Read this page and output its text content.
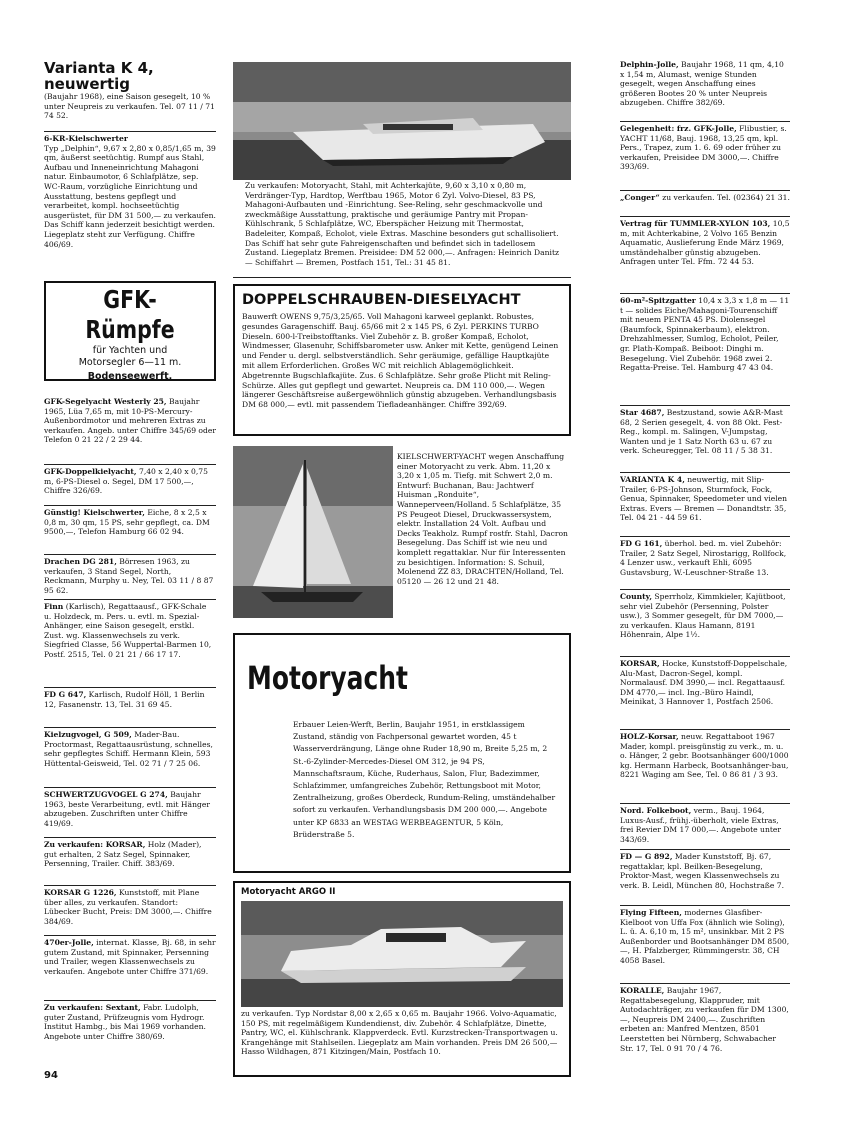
Varianta K 4, neuwertig
(Baujahr 1968), eine Saison gesegelt, 10 % unter Neupreis zu verkaufen. Tel. 07 11 / 71 74 52.
6-KR-Kielschwerter
Typ „Delphin“, 9,67 x 2,80 x 0,85/1,65 m, 39 qm, äußerst seetüchtig. Rumpf aus Stahl, Aufbau und Inneneinrichtung Mahagoni natur. Einbaumotor, 6 Schlafplätze, sep. WC-Raum, vorzügliche Einrichtung und Ausstattung, bestens gepflegt und verarbeitet, kompl. hochseetüchtig ausgerüstet, für DM 31 500,— zu verkaufen. Das Schiff kann jederzeit besichtigt werden. Liegeplatz steht zur Verfügung. Chiffre 406/69.
GFK-Rümpfe
für Yachten und
Motorsegler 6—11 m.
Bodenseewerft,
GFK-Segelyacht Westerly 25, Baujahr 1965, Lüa 7,65 m, mit 10-PS-Mercury-Außenbordmotor und mehreren Extras zu verkaufen. Angeb. unter Chiffre 345/69 oder Telefon 0 21 22 / 2 29 44.
GFK-Doppelkielyacht, 7,40 x 2,40 x 0,75 m, 6-PS-Diesel o. Segel, DM 17 500,—, Chiffre 326/69.
Günstig! Kielschwerter, Eiche, 8 x 2,5 x 0,8 m, 30 qm, 15 PS, sehr gepflegt, ca. DM 9500,—, Telefon Hamburg 66 02 94.
Drachen DG 281, Börresen 1963, zu verkaufen, 3 Stand Segel, North, Reckmann, Murphy u. Ney, Tel. 03 11 / 8 87 95 62.
Finn (Karlisch), Regattaausf., GFK-Schale u. Holzdeck, m. Pers. u. evtl. m. Spezial-Anhänger, eine Saison gesegelt, erstkl. Zust. wg. Klassenwechsels zu verk. Siegfried Classe, 56 Wuppertal-Barmen 10, Postf. 2515, Tel. 0 21 21 / 66 17 17.
FD G 647, Karlisch, Rudolf Höll, 1 Berlin 12, Fasanenstr. 13, Tel. 31 69 45.
Kielzugvogel, G 509, Mader-Bau. Proctormast, Regattaausrüstung, schnelles, sehr gepflegtes Schiff. Hermann Klein, 593 Hüttental-Geisweid, Tel. 02 71 / 7 25 06.
SCHWERTZUGVOGEL G 274, Baujahr 1963, beste Verarbeitung, evtl. mit Hänger abzugeben. Zuschriften unter Chiffre 419/69.
Zu verkaufen: KORSAR, Holz (Mader), gut erhalten, 2 Satz Segel, Spinnaker, Persenning, Trailer. Chiff. 383/69.
KORSAR G 1226, Kunststoff, mit Plane über alles, zu verkaufen. Standort: Lübecker Bucht, Preis: DM 3000,—. Chiffre 384/69.
470er-Jolle, internat. Klasse, Bj. 68, in sehr gutem Zustand, mit Spinnaker, Persenning und Trailer, wegen Klassenwechsels zu verkaufen. Angebote unter Chiffre 371/69.
Zu verkaufen: Sextant, Fabr. Ludolph, guter Zustand, Prüfzeugnis vom Hydrogr. Institut Hambg., bis Mai 1969 vorhanden. Angebote unter Chiffre 380/69.
Zu verkaufen: Motoryacht, Stahl, mit Achterkajüte, 9,60 x 3,10 x 0,80 m, Verdränger-Typ, Hardtop, Werftbau 1965, Motor 6 Zyl. Volvo-Diesel, 83 PS, Mahagoni-Aufbauten und -Einrichtung. See-Reling, sehr geschmackvolle und zweckmäßige Ausstattung, praktische und geräumige Pantry mit Propan-Kühlschrank, 5 Schlafplätze, WC, Eberspächer Heizung mit Thermostat, Badeleiter, Kompaß, Echolot, viele Extras. Maschine besonders gut schallisoliert. Das Schiff hat sehr gute Fahreigenschaften und befindet sich in tadellosem Zustand. Liegeplatz Bremen. Preisidee: DM 52 000,—. Anfragen: Heinrich Danitz — Schiffahrt — Bremen, Postfach 151, Tel.: 31 45 81.
DOPPELSCHRAUBEN-DIESELYACHT
Bauwerft OWENS 9,75/3,25/65. Voll Mahagoni karweel geplankt. Robustes, gesundes Garagenschiff. Bauj. 65/66 mit 2 x 145 PS, 6 Zyl. PERKINS TURBO Dieseln. 600-l-Treibstofftanks. Viel Zubehör z. B. großer Kompaß, Echolot, Windmesser, Glasenuhr, Schiffsbarometer usw. Anker mit Kette, genügend Leinen und Fender u. dergl. selbstverständlich. Sehr geräumige, gefällige Hauptkajüte mit allem Erforderlichen. Großes WC mit reichlich Ablagemöglichkeit. Abgetrennte Bugschlafkajüte. Zus. 6 Schlafplätze. Sehr große Plicht mit Reling-Schürze. Alles gut gepflegt und gewartet. Neupreis ca. DM 110 000,—. Wegen längerer Geschäftsreise außergewöhnlich günstig abzugeben. Verhandlungsbasis DM 68 000,— evtl. mit passendem Tiefladeanhänger. Chiffre 392/69.
KIELSCHWERT-YACHT wegen Anschaffung einer Motoryacht zu verk. Abm. 11,20 x 3,20 x 1,05 m. Tiefg. mit Schwert 2,0 m. Entwurf: Buchanan, Bau: Jachtwerf Huisman „Ronduite“, Wanneperveen/Holland. 5 Schlafplätze, 35 PS Peugeot Diesel, Druckwassersystem, elektr. Installation 24 Volt. Aufbau und Decks Teakholz. Rumpf rostfr. Stahl, Dacron Besegelung. Das Schiff ist wie neu und komplett regattaklar. Nur für Interessenten zu besichtigen. Information: S. Schuil, Molenend ZZ 83, DRACHTEN/Holland, Tel. 05120 — 26 12 und 21 48.
Motoryacht
Erbauer Leien-Werft, Berlin, Baujahr 1951, in erstklassigem Zustand, ständig von Fachpersonal gewartet worden, 45 t Wasserverdrängung, Länge ohne Ruder 18,90 m, Breite 5,25 m, 2 St.-6-Zylinder-Mercedes-Diesel OM 312, je 94 PS, Mannschaftsraum, Küche, Ruderhaus, Salon, Flur, Badezimmer, Schlafzimmer, umfangreiches Zubehör, Rettungsboot mit Motor, Zentralheizung, großes Oberdeck, Rundum-Reling, umständehalber sofort zu verkaufen. Verhandlungsbasis DM 200 000,—. Angebote unter KP 6833 an WESTAG WERBEAGENTUR, 5 Köln, Brüderstraße 5.
Motoryacht ARGO II
zu verkaufen. Typ Nordstar 8,00 x 2,65 x 0,65 m. Baujahr 1966. Volvo-Aquamatic, 150 PS, mit regelmäßigem Kundendienst, div. Zubehör. 4 Schlafplätze, Dinette, Pantry, WC, el. Kühlschrank. Klappverdeck. Evtl. Kurzstrecken-Transportwagen u. Krangehänge mit Stahlseilen. Liegeplatz am Main vorhanden. Preis DM 26 500,— Hasso Wildhagen, 871 Kitzingen/Main, Postfach 10.
Delphin-Jolle, Baujahr 1968, 11 qm, 4,10 x 1,54 m, Alumast, wenige Stunden gesegelt, wegen Anschaffung eines größeren Bootes 20 % unter Neupreis abzugeben. Chiffre 382/69.
Gelegenheit: frz. GFK-Jolle, Flibustier, s. YACHT 11/68, Bauj. 1968, 13,25 qm, kpl. Pers., Trapez, zum 1. 6. 69 oder früher zu verkaufen, Preisidee DM 3000,—. Chiffre 393/69.
„Conger“ zu verkaufen. Tel. (02364) 21 31.
Vertrag für TUMMLER-XYLON 103, 10,5 m, mit Achterkabine, 2 Volvo 165 Benzin Aquamatic, Auslieferung Ende März 1969, umständehalber günstig abzugeben. Anfragen unter Tel. Ffm. 72 44 53.
60-m²-Spitzgatter 10,4 x 3,3 x 1,8 m — 11 t — solides Eiche/Mahagoni-Tourenschiff mit neuem PENTA 45 PS. Diolensegel (Baumfock, Spinnakerbaum), elektron. Drehzahlmesser, Sumlog, Echolot, Peiler, gr. Plath-Kompaß. Beiboot: Dinghi m. Besegelung. Viel Zubehör. 1968 zwei 2. Regatta-Preise. Tel. Hamburg 47 43 04.
Star 4687, Bestzustand, sowie A&R-Mast 68, 2 Serien gesegelt, 4. von 88 Okt. Fest-Reg., kompl. m. Salingen, V-Jumpstag, Wanten und je 1 Satz North 63 u. 67 zu verk. Scheuregger, Tel. 08 11 / 5 38 31.
VARIANTA K 4, neuwertig, mit Slip-Trailer, 6-PS-Johnson, Sturmfock, Fock, Genua, Spinnaker, Speedometer und vielen Extras. Evers — Bremen — Donandtstr. 35, Tel. 04 21 - 44 59 61.
FD G 161, überhol. bed. m. viel Zubehör: Trailer, 2 Satz Segel, Nirostarigg, Rollfock, 4 Lenzer usw., verkauft Ehli, 6095 Gustavsburg, W.-Leuschner-Straße 13.
County, Sperrholz, Kimmkieler, Kajütboot, sehr viel Zubehör (Persenning, Polster usw.), 3 Sommer gesegelt, für DM 7000,— zu verkaufen. Klaus Hamann, 8191 Höhenrain, Alpe 1½.
KORSAR, Hocke, Kunststoff-Doppelschale, Alu-Mast, Dacron-Segel, kompl. Normalausf. DM 3990,— incl. Regattaausf. DM 4770,— incl. Ing.-Büro Haindl, Meinikat, 3 Hannover 1, Postfach 2506.
HOLZ-Korsar, neuw. Regattaboot 1967 Mader, kompl. preisgünstig zu verk., m. u. o. Hänger, 2 gebr. Bootsanhänger 600/1000 kg. Hermann Harbeck, Bootsanhänger-bau, 8221 Waging am See, Tel. 0 86 81 / 3 93.
Nord. Folkeboot, verm., Bauj. 1964, Luxus-Ausf., frühj.-überholt, viele Extras, frei Revier DM 17 000,—. Angebote unter 343/69.
FD — G 892, Mader Kunststoff, Bj. 67, regattaklar, kpl. Beilken-Besegelung, Proktor-Mast, wegen Klassenwechsels zu verk. B. Leidl, München 80, Hochstraße 7.
Flying Fifteen, modernes Glasfiber-Kielboot von Uffa Fox (ähnlich wie Soling), L. ü. A. 6,10 m, 15 m², unsinkbar. Mit 2 PS Außenborder und Bootsanhänger DM 8500,—, H. Pfalzberger, Rümmingerstr. 38, CH 4058 Basel.
KORALLE, Baujahr 1967, Regattabesegelung, Klappruder, mit Autodachträger, zu verkaufen für DM 1300,—, Neupreis DM 2400,—. Zuschriften erbeten an: Manfred Mentzen, 8501 Leerstetten bei Nürnberg, Schwabacher Str. 17, Tel. 0 91 70 / 4 76.
94
